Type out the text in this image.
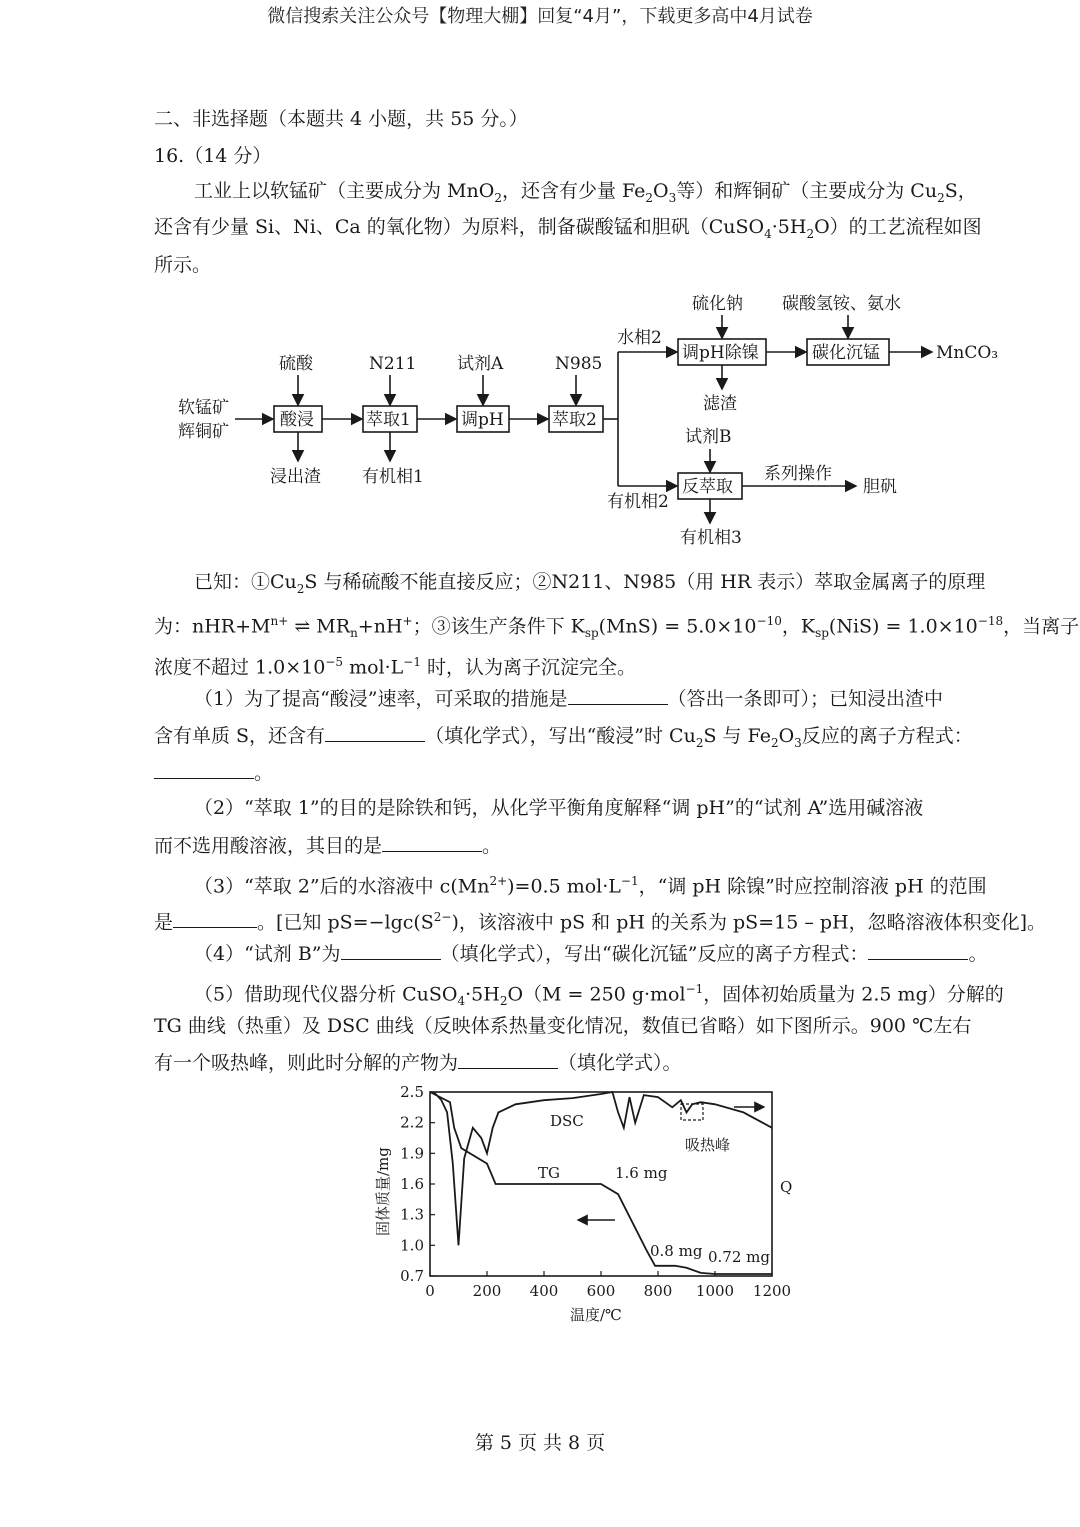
微信搜索关注公众号【物理大棚】回复“4月”，下载更多高中4月试卷
二、非选择题（本题共 4 小题，共 55 分。）
16.（14 分）
工业上以软锰矿（主要成分为 MnO$_2$，还含有少量 $Fe_2O_3$等）和辉铜矿（主要成分为 $Cu_2S$，
还含有少量 Si、Ni、Ca 的氧化物）为原料，制备碳酸锰和胆矾$(CuSO_4\cdot 5H_2O)$的工艺流程如图
所示。
软锰矿
辉铜矿
硫酸	N211 试剂A	N985
酸浸	萃取1	调pH	萃取2
浸出渣 有机相1
水相2
有机相2
硫化钠 碳酸氢铵、氨水
调pH除镍	碳化沉锰	MnCO₃
滤渣
试剂B
反萃取
系列操作
胆矾
有机相3
已知：$①Cu_2S$ 与稀硫酸不能直接反应；②N211、N985（用 HR 表示）萃取金属离子的原理
为：$nHR+M^{n+}$ ⇌ $MR_n+nH^+$；③该生产条件下 $K_{sp}(MnS) = 5.0\times 10^{-10}$，$K_{sp}(NiS) = 1.0\times 10^{-18}$，当离子
浓度不超过 $1.0\times 10^{-5}$ $mol\cdot L^{-1}$ 时，认为离子沉淀完全。
（1）为了提高“酸浸”速率，可采取的措施是	（答出一条即可）；已知浸出渣中
含有单质 S，还含有	（填化学式），写出“酸浸”时 $Cu_2S$ 与 $Fe_2O_3$反应的离子方程式：
。
（2）“萃取 1”的目的是除铁和钙，从化学平衡角度解释“调 pH”的“试剂 A”选用碱溶液
而不选用酸溶液，其目的是	。
（3）“萃取 2”后的水溶液中 $c(Mn^{2+})=0.5$ $mol\cdot L^{-1}$，“调 pH 除镍”时应控制溶液 pH 的范围
是	。[已知 $pS=-\lg c(S^{2-})$，该溶液中 pS 和 pH 的关系为 pS=15 – pH，忽略溶液体积变化]。
（4）“试剂 B”为	（填化学式），写出“碳化沉锰”反应的离子方程式：	。
（5）借助现代仪器分析 $CuSO_4\cdot 5H_2O(M = 250$ g·mol$^{-1}$，固体初始质量为 2.5 mg）分解的
TG 曲线（热重）及 DSC 曲线（反映体系热量变化情况，数值已省略）如下图所示。900 ℃左右
有一个吸热峰，则此时分解的产物为	（填化学式）。
0	200 400 600 800 1000 1200
2.5
2.2
1.9
1.6
1.3
1.0
0.7
DSC
TG	1.6 mg
0.8 mg 0.72 mg
吸热峰
Q
温度/℃
固体质量/mg
第 5 页 共 8 页
